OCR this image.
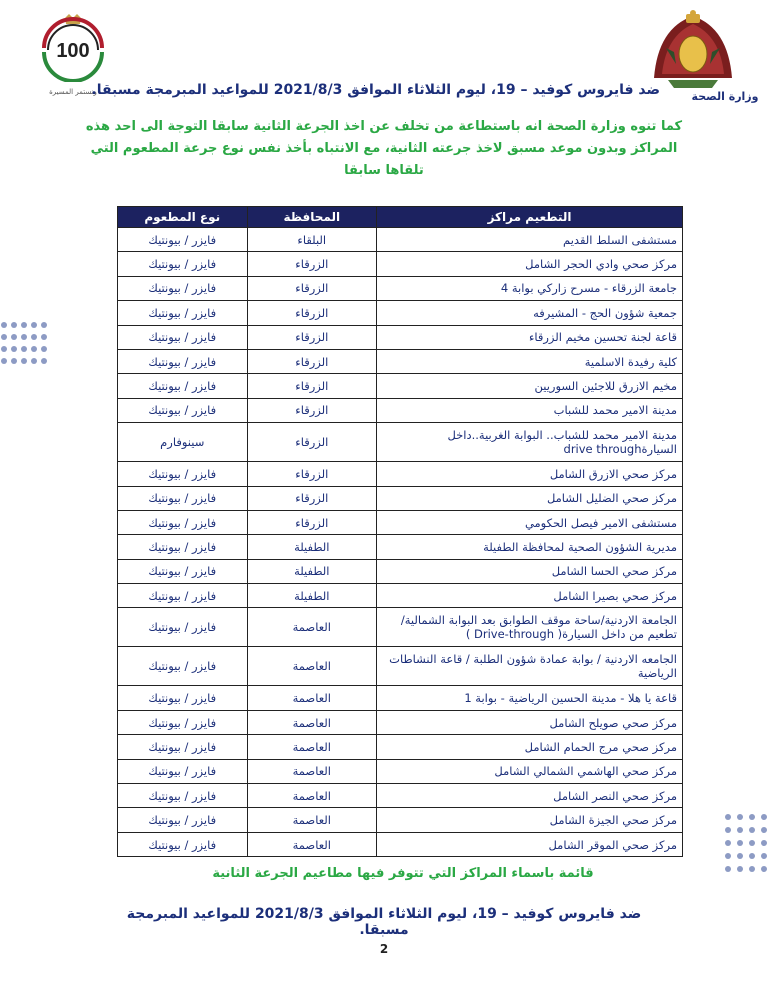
وزارة الصحة
100
ونستمر المسيرة
ضد فايروس كوفيد – 19، ليوم الثلاثاء الموافق 2021/8/3 للمواعيد المبرمجة مسبقا.
كما تنوه وزارة الصحة انه باستطاعة من تخلف عن اخذ الجرعة الثانية سابقا التوجة الى احد هذه المراكز وبدون موعد مسبق لاخذ جرعته الثانية، مع الانتباه بأخذ نفس نوع جرعة المطعوم التي تلقاها سابقا
التطعيم مراكز	المحافظة	نوع المطعوم
مستشفى السلط القديم	البلقاء	فايزر / بيونتيك
مركز صحي وادي الحجر الشامل	الزرقاء	فايزر / بيونتيك
جامعة الزرقاء - مسرح زاركي بوابة 4	الزرقاء	فايزر / بيونتيك
جمعية شؤون الحج - المشيرفه	الزرقاء	فايزر / بيونتيك
قاعة لجنة تحسين مخيم الزرقاء	الزرقاء	فايزر / بيونتيك
كلية رفيدة الاسلمية	الزرقاء	فايزر / بيونتيك
مخيم الازرق للاجئين السوريين	الزرقاء	فايزر / بيونتيك
مدينة الامير محمد للشباب	الزرقاء	فايزر / بيونتيك
مدينة الامير محمد للشباب.. البوابة الغربية..داخل السيارةdrive through	الزرقاء	سينوفارم
مركز صحي الازرق الشامل	الزرقاء	فايزر / بيونتيك
مركز صحي الضليل الشامل	الزرقاء	فايزر / بيونتيك
مستشفى الامير فيصل الحكومي	الزرقاء	فايزر / بيونتيك
مديرية الشؤون الصحية لمحافظة الطفيلة	الطفيلة	فايزر / بيونتيك
مركز صحي الحسا الشامل	الطفيلة	فايزر / بيونتيك
مركز صحي بصيرا الشامل	الطفيلة	فايزر / بيونتيك
الجامعة الاردنية/ساحة موقف الطوابق بعد البوابة الشمالية/تطعيم من داخل السيارة( Drive-through )	العاصمة	فايزر / بيونتيك
الجامعه الاردنية / بوابة عمادة شؤون الطلبة / قاعة النشاطات الرياضية	العاصمة	فايزر / بيونتيك
قاعة يا هلا - مدينة الحسين الرياضية - بوابة 1	العاصمة	فايزر / بيونتيك
مركز صحي صويلح الشامل	العاصمة	فايزر / بيونتيك
مركز صحي مرج الحمام الشامل	العاصمة	فايزر / بيونتيك
مركز صحي الهاشمي الشمالي الشامل	العاصمة	فايزر / بيونتيك
مركز صحي النصر الشامل	العاصمة	فايزر / بيونتيك
مركز صحي الجيزة الشامل	العاصمة	فايزر / بيونتيك
مركز صحي الموقر الشامل	العاصمة	فايزر / بيونتيك
قائمة باسماء المراكز التي تتوفر فيها مطاعيم الجرعة الثانية
ضد فايروس كوفيد – 19، ليوم الثلاثاء الموافق 2021/8/3 للمواعيد المبرمجة مسبقا.
2
